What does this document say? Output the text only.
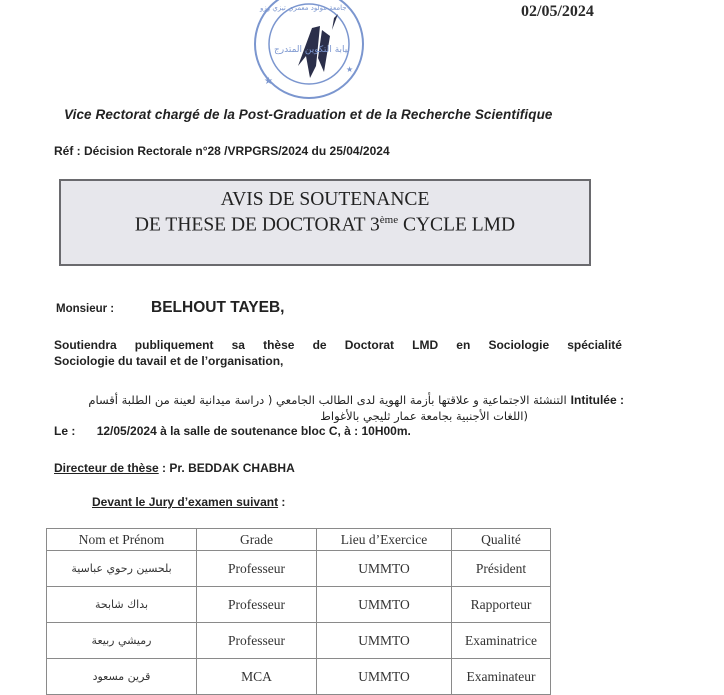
نيابة التكوين المتدرج
جامعة مولود معمري تيزي وزو
★
★
02/05/2024
Vice Rectorat chargé de la Post-Graduation et de la Recherche Scientifique
Réf : Décision Rectorale n°28 /VRPGRS/2024 du 25/04/2024
AVIS DE SOUTENANCE
DE THESE DE DOCTORAT 3ème CYCLE LMD
Monsieur : BELHOUT TAYEB,
Soutiendra publiquement sa thèse de Doctorat LMD en Sociologie spécialité
Sociologie du tavail et de l’organisation,
التنشئة الاجتماعية و علاقتها بأزمة الهوية لدى الطالب الجامعي ( دراسة ميدانية لعينة من الطلبة أقسام Intitulée :
اللغات الأجنبية بجامعة عمار ثليجي بالأغواط)
Le : 12/05/2024 à la salle de soutenance bloc C, à : 10H00m.
Directeur de thèse : Pr. BEDDAK CHABHA
Devant le Jury d’examen suivant :
Nom et Prénom	Grade	Lieu d’Exercice	Qualité
بلحسين رحوي عباسية	Professeur	UMMTO	Président
بداك شابحة	Professeur	UMMTO	Rapporteur
رميشي ربيعة	Professeur	UMMTO	Examinatrice
قرين مسعود	MCA	UMMTO	Examinateur
